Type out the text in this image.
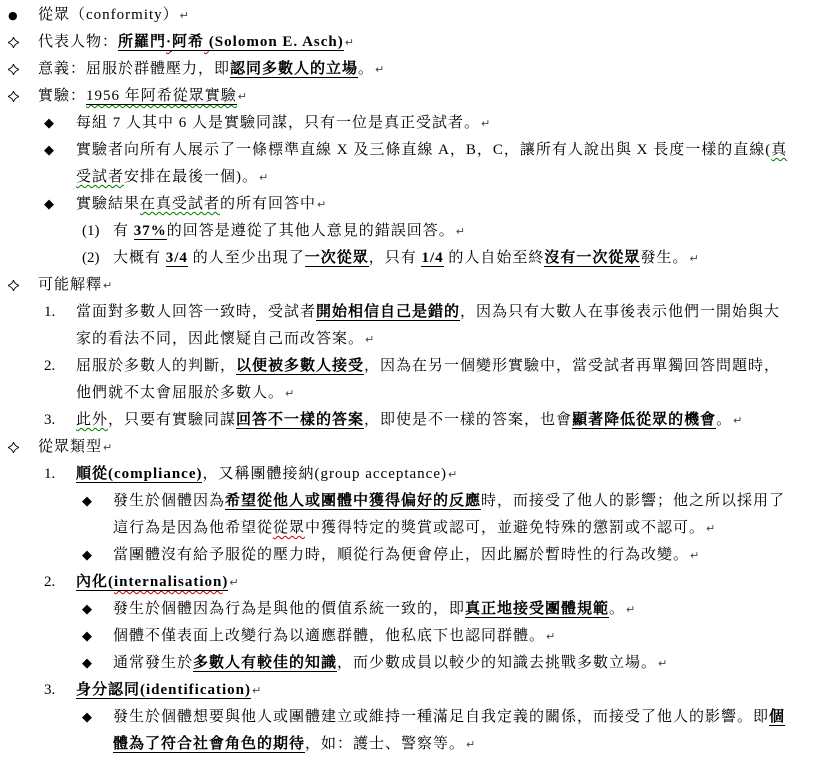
● 從眾（conformity）↵
代表人物：所羅門·阿希 (Solomon E. Asch)↵
意義：屈服於群體壓力，即認同多數人的立場。↵
實驗：1956 年阿希從眾實驗↵
◆ 每組 7 人其中 6 人是實驗同謀，只有一位是真正受試者。↵
◆ 實驗者向所有人展示了一條標準直線 X 及三條直線 A，B，C，讓所有人說出與 X 長度一樣的直線(真受試者安排在最後一個)。↵
◆ 實驗結果在真受試者的所有回答中↵
(1) 有 37%的回答是遵從了其他人意見的錯誤回答。↵
(2) 大概有 3/4 的人至少出現了一次從眾，只有 1/4 的人自始至終沒有一次從眾發生。↵
可能解釋↵
1. 當面對多數人回答一致時，受試者開始相信自己是錯的，因為只有大數人在事後表示他們一開始與大家的看法不同，因此懷疑自己而改答案。↵
2. 屈服於多數人的判斷，以便被多數人接受，因為在另一個變形實驗中，當受試者再單獨回答問題時，他們就不太會屈服於多數人。↵
3. 此外，只要有實驗同謀回答不一樣的答案，即使是不一樣的答案，也會顯著降低從眾的機會。↵
從眾類型↵
1. 順從(compliance)，又稱團體接納(group acceptance)↵
◆ 發生於個體因為希望從他人或團體中獲得偏好的反應時，而接受了他人的影響；他之所以採用了這行為是因為他希望從從眾中獲得特定的獎賞或認可，並避免特殊的懲罰或不認可。↵
◆ 當團體沒有給予服從的壓力時，順從行為便會停止，因此屬於暫時性的行為改變。↵
2. 內化(internalisation)↵
◆ 發生於個體因為行為是與他的價值系統一致的，即真正地接受團體規範。↵
◆ 個體不僅表面上改變行為以適應群體，他私底下也認同群體。↵
◆ 通常發生於多數人有較佳的知識，而少數成員以較少的知識去挑戰多數立場。↵
3. 身分認同(identification)↵
◆ 發生於個體想要與他人或團體建立或維持一種滿足自我定義的關係，而接受了他人的影響。即個體為了符合社會角色的期待，如：護士、警察等。↵
